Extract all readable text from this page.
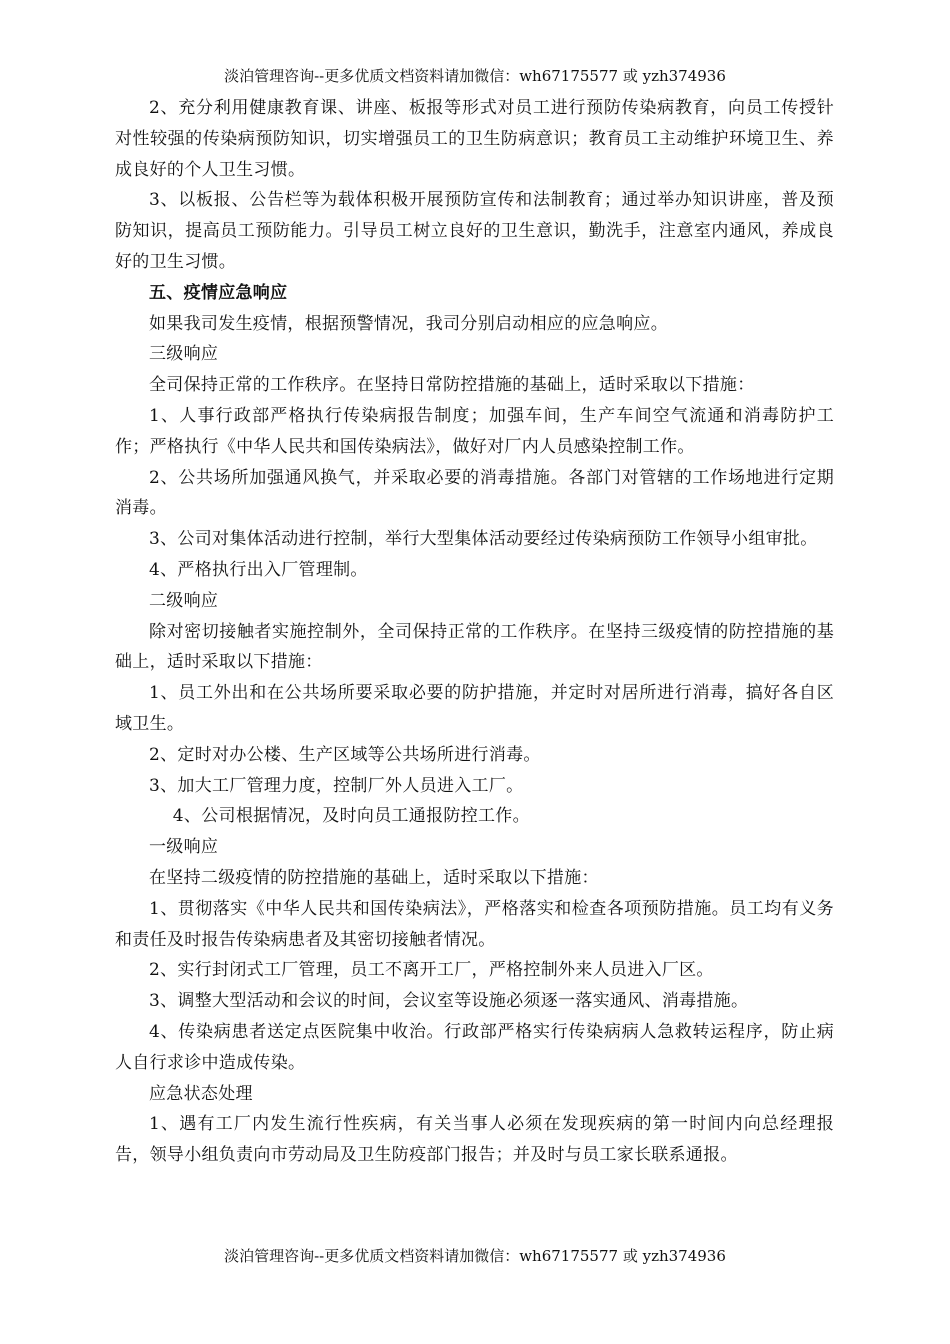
淡泊管理咨询--更多优质文档资料请加微信：wh67175577 或 yzh374936

2、充分利用健康教育课、讲座、板报等形式对员工进行预防传染病教育，向员工传授针对性较强的传染病预防知识，切实增强员工的卫生防病意识；教育员工主动维护环境卫生、养成良好的个人卫生习惯。

3、以板报、公告栏等为载体积极开展预防宣传和法制教育；通过举办知识讲座，普及预防知识，提高员工预防能力。引导员工树立良好的卫生意识，勤洗手，注意室内通风，养成良好的卫生习惯。

五、疫情应急响应

如果我司发生疫情，根据预警情况，我司分别启动相应的应急响应。

三级响应

全司保持正常的工作秩序。在坚持日常防控措施的基础上，适时采取以下措施：

1、人事行政部严格执行传染病报告制度；加强车间，生产车间空气流通和消毒防护工作；严格执行《中华人民共和国传染病法》，做好对厂内人员感染控制工作。

2、公共场所加强通风换气，并采取必要的消毒措施。各部门对管辖的工作场地进行定期消毒。

3、公司对集体活动进行控制，举行大型集体活动要经过传染病预防工作领导小组审批。

4、严格执行出入厂管理制。

二级响应

除对密切接触者实施控制外，全司保持正常的工作秩序。在坚持三级疫情的防控措施的基础上，适时采取以下措施：

1、员工外出和在公共场所要采取必要的防护措施，并定时对居所进行消毒，搞好各自区域卫生。

2、定时对办公楼、生产区域等公共场所进行消毒。

3、加大工厂管理力度，控制厂外人员进入工厂。

4、公司根据情况，及时向员工通报防控工作。

一级响应

在坚持二级疫情的防控措施的基础上，适时采取以下措施：

1、贯彻落实《中华人民共和国传染病法》，严格落实和检查各项预防措施。员工均有义务和责任及时报告传染病患者及其密切接触者情况。

2、实行封闭式工厂管理，员工不离开工厂，严格控制外来人员进入厂区。

3、调整大型活动和会议的时间，会议室等设施必须逐一落实通风、消毒措施。

4、传染病患者送定点医院集中收治。行政部严格实行传染病病人急救转运程序，防止病人自行求诊中造成传染。

应急状态处理

1、遇有工厂内发生流行性疾病，有关当事人必须在发现疾病的第一时间内向总经理报告，领导小组负责向市劳动局及卫生防疫部门报告；并及时与员工家长联系通报。

淡泊管理咨询--更多优质文档资料请加微信：wh67175577 或 yzh374936
